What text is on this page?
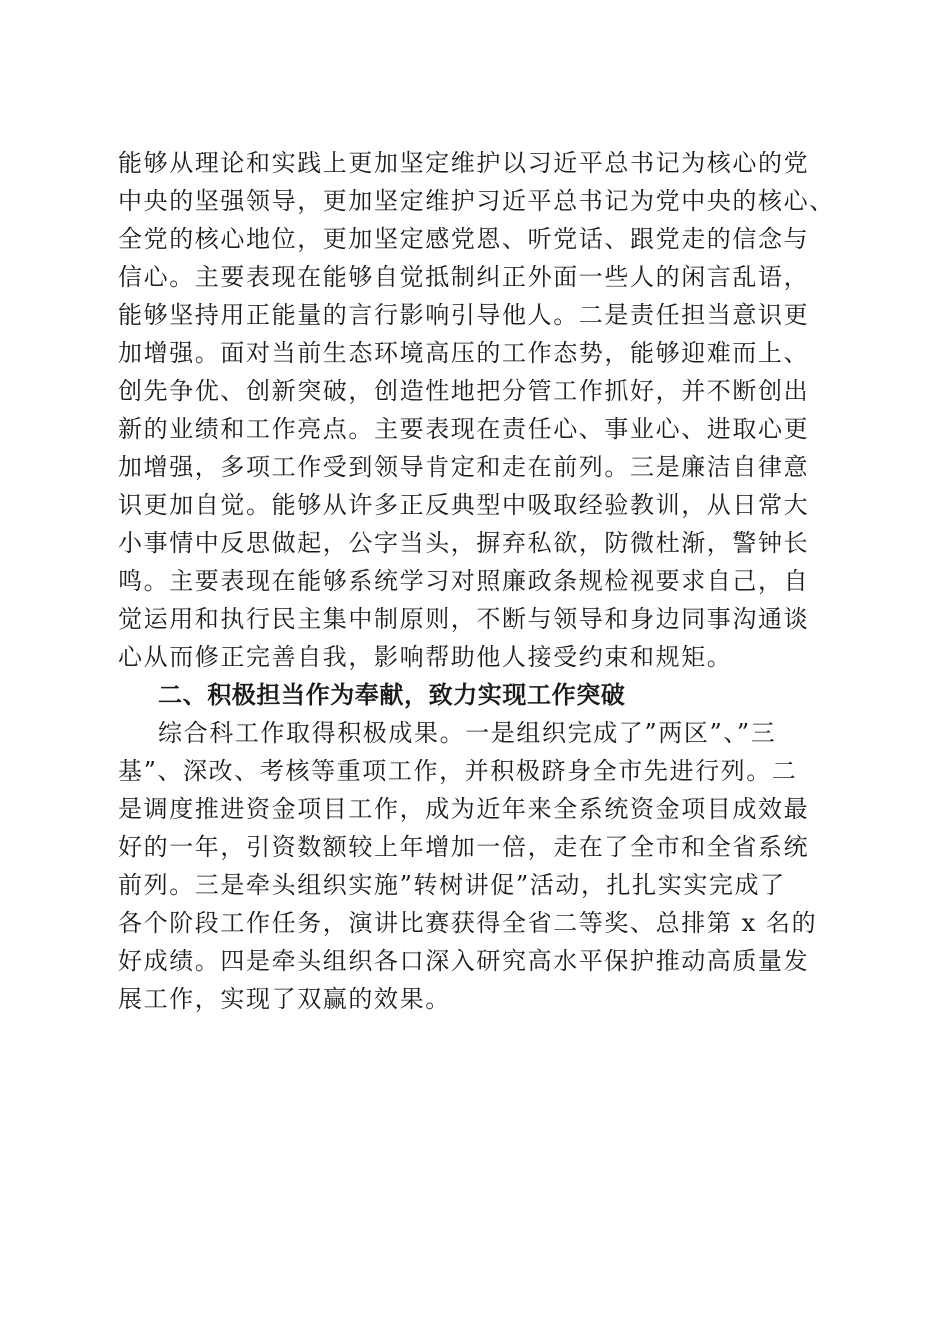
能够从理论和实践上更加坚定维护以习近平总书记为核心的党
中央的坚强领导，更加坚定维护习近平总书记为党中央的核心、
全党的核心地位，更加坚定感党恩、听党话、跟党走的信念与
信心。主要表现在能够自觉抵制纠正外面一些人的闲言乱语，
能够坚持用正能量的言行影响引导他人。二是责任担当意识更
加增强。面对当前生态环境高压的工作态势，能够迎难而上、
创先争优、创新突破，创造性地把分管工作抓好，并不断创出
新的业绩和工作亮点。主要表现在责任心、事业心、进取心更
加增强，多项工作受到领导肯定和走在前列。三是廉洁自律意
识更加自觉。能够从许多正反典型中吸取经验教训，从日常大
小事情中反思做起，公字当头，摒弃私欲，防微杜渐，警钟长
鸣。主要表现在能够系统学习对照廉政条规检视要求自己，自
觉运用和执行民主集中制原则，不断与领导和身边同事沟通谈
心从而修正完善自我，影响帮助他人接受约束和规矩。
二、积极担当作为奉献，致力实现工作突破
综合科工作取得积极成果。一是组织完成了”两区”、”三
基”、深改、考核等重项工作，并积极跻身全市先进行列。二
是调度推进资金项目工作，成为近年来全系统资金项目成效最
好的一年，引资数额较上年增加一倍，走在了全市和全省系统
前列。三是牵头组织实施”转树讲促”活动，扎扎实实完成了
各个阶段工作任务，演讲比赛获得全省二等奖、总排第 x 名的
好成绩。四是牵头组织各口深入研究高水平保护推动高质量发
展工作，实现了双赢的效果。
